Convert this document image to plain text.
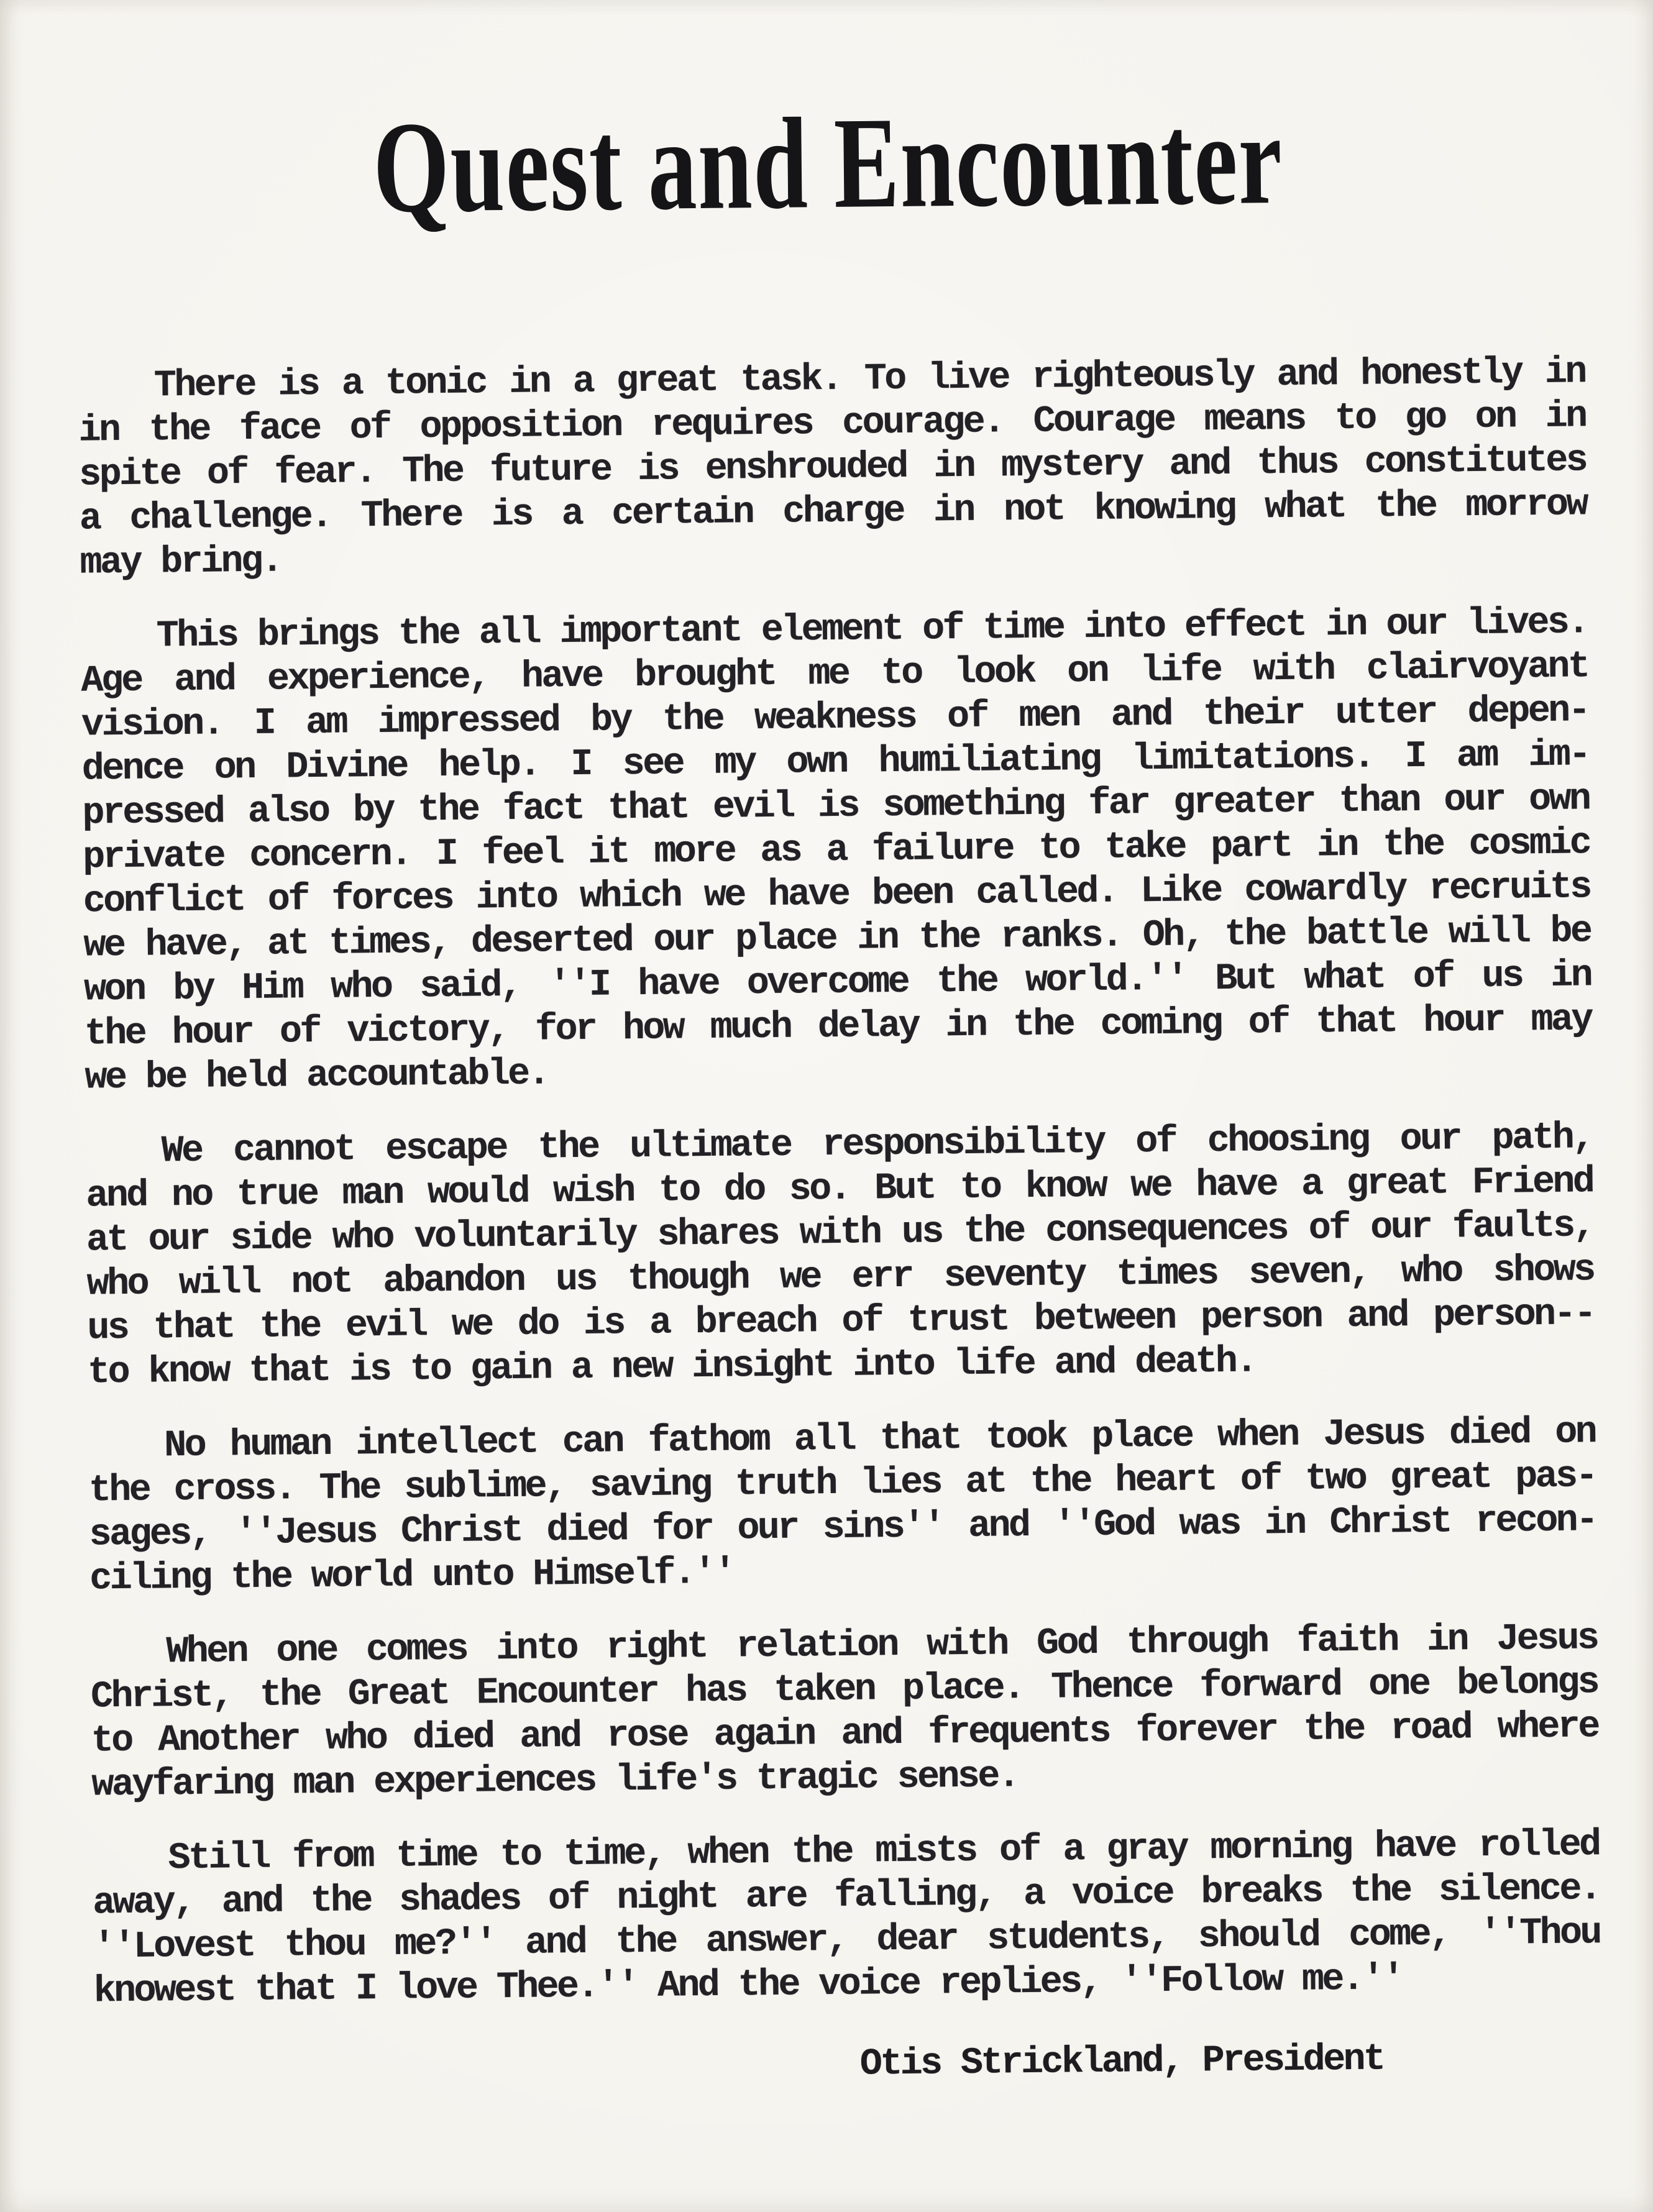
Quest and Encounter
There is a tonic in a great task. To live righteously and honestly in
in the face of opposition requires courage. Courage means to go on in
spite of fear. The future is enshrouded in mystery and thus constitutes
a challenge. There is a certain charge in not knowing what the morrow
may bring.
This brings the all important element of time into effect in our lives.
Age and experience, have brought me to look on life with clairvoyant
vision. I am impressed by the weakness of men and their utter depen-
dence on Divine help. I see my own humiliating limitations. I am im-
pressed also by the fact that evil is something far greater than our own
private concern. I feel it more as a failure to take part in the cosmic
conflict of forces into which we have been called. Like cowardly recruits
we have, at times, deserted our place in the ranks. Oh, the battle will be
won by Him who said, ''I have overcome the world.'' But what of us in
the hour of victory, for how much delay in the coming of that hour may
we be held accountable.
We cannot escape the ultimate responsibility of choosing our path,
and no true man would wish to do so. But to know we have a great Friend
at our side who voluntarily shares with us the consequences of our faults,
who will not abandon us though we err seventy times seven, who shows
us that the evil we do is a breach of trust between person and person--
to know that is to gain a new insight into life and death.
No human intellect can fathom all that took place when Jesus died on
the cross. The sublime, saving truth lies at the heart of two great pas-
sages, ''Jesus Christ died for our sins'' and ''God was in Christ recon-
ciling the world unto Himself.''
When one comes into right relation with God through faith in Jesus
Christ, the Great Encounter has taken place. Thence forward one belongs
to Another who died and rose again and frequents forever the road where
wayfaring man experiences life's tragic sense.
Still from time to time, when the mists of a gray morning have rolled
away, and the shades of night are falling, a voice breaks the silence.
''Lovest thou me?'' and the answer, dear students, should come, ''Thou
knowest that I love Thee.'' And the voice replies, ''Follow me.''
Otis Strickland, President
